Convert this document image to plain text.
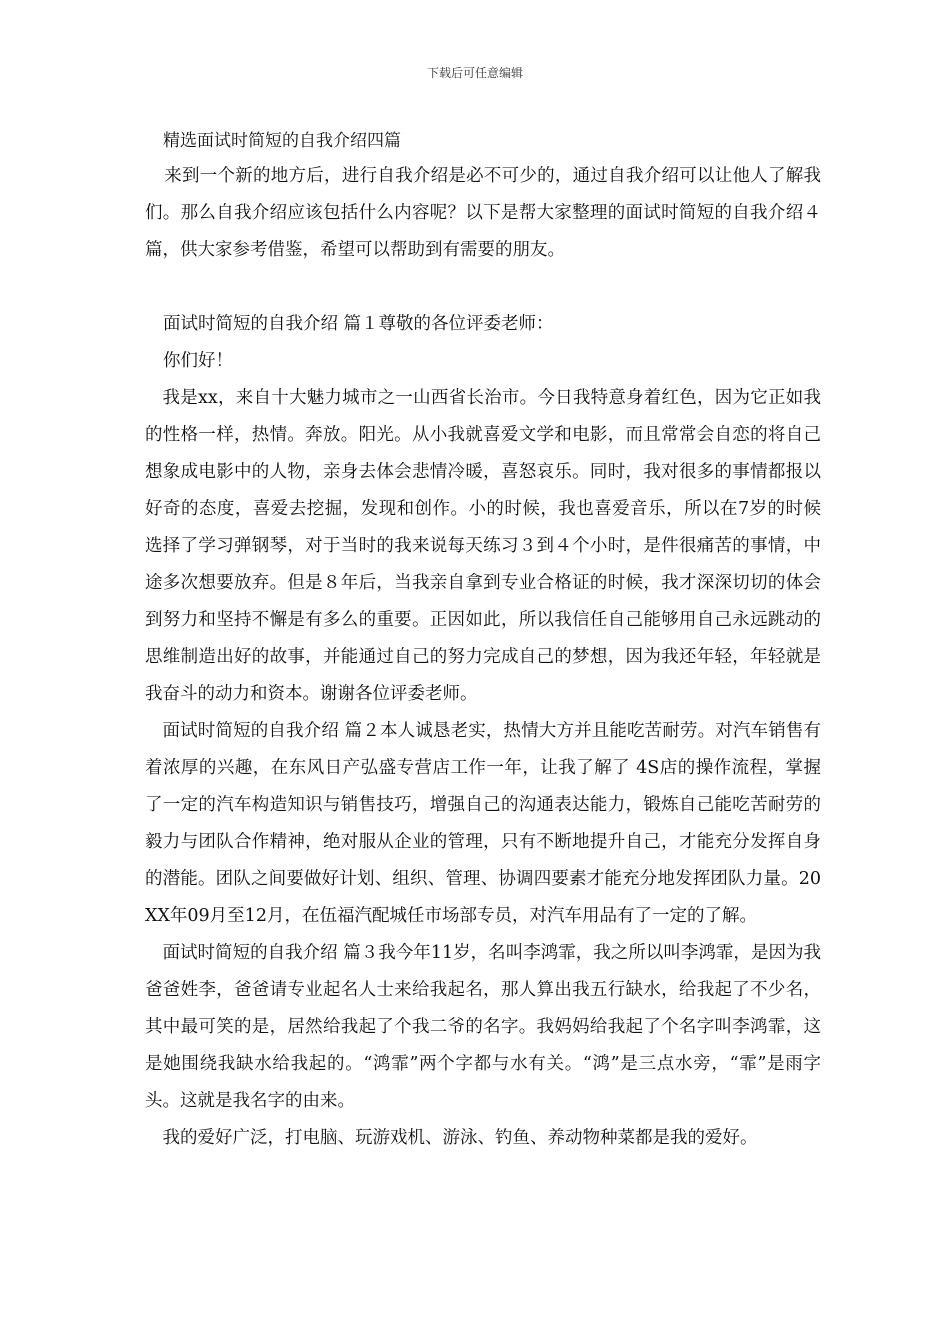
下载后可任意编辑

精选面试时简短的自我介绍四篇

来到一个新的地方后，进行自我介绍是必不可少的，通过自我介绍可以让他人了解我们。那么自我介绍应该包括什么内容呢？以下是帮大家整理的面试时简短的自我介绍４篇，供大家参考借鉴，希望可以帮助到有需要的朋友。

面试时简短的自我介绍 篇１尊敬的各位评委老师：

你们好！

我是xx，来自十大魅力城市之一山西省长治市。今日我特意身着红色，因为它正如我的性格一样，热情。奔放。阳光。从小我就喜爱文学和电影，而且常常会自恋的将自己想象成电影中的人物，亲身去体会悲情冷暖，喜怒哀乐。同时，我对很多的事情都报以好奇的态度，喜爱去挖掘，发现和创作。小的时候，我也喜爱音乐，所以在7岁的时候选择了学习弹钢琴，对于当时的我来说每天练习３到４个小时，是件很痛苦的事情，中途多次想要放弃。但是８年后，当我亲自拿到专业合格证的时候，我才深深切切的体会到努力和坚持不懈是有多么的重要。正因如此，所以我信任自己能够用自己永远跳动的思维制造出好的故事，并能通过自己的努力完成自己的梦想，因为我还年轻，年轻就是我奋斗的动力和资本。谢谢各位评委老师。

面试时简短的自我介绍 篇２本人诚恳老实，热情大方并且能吃苦耐劳。对汽车销售有着浓厚的兴趣，在东风日产弘盛专营店工作一年，让我了解了 4S店的操作流程，掌握了一定的汽车构造知识与销售技巧，增强自己的沟通表达能力，锻炼自己能吃苦耐劳的毅力与团队合作精神，绝对服从企业的管理，只有不断地提升自己，才能充分发挥自身的潜能。团队之间要做好计划、组织、管理、协调四要素才能充分地发挥团队力量。20 XX年09月至12月，在伍福汽配城任市场部专员，对汽车用品有了一定的了解。

面试时简短的自我介绍 篇３我今年11岁，名叫李鸿霏，我之所以叫李鸿霏，是因为我爸爸姓李，爸爸请专业起名人士来给我起名，那人算出我五行缺水，给我起了不少名，其中最可笑的是，居然给我起了个我二爷的名字。我妈妈给我起了个名字叫李鸿霏，这是她围绕我缺水给我起的。“鸿霏”两个字都与水有关。“鸿”是三点水旁，“霏”是雨字头。这就是我名字的由来。

我的爱好广泛，打电脑、玩游戏机、游泳、钓鱼、养动物种菜都是我的爱好。
